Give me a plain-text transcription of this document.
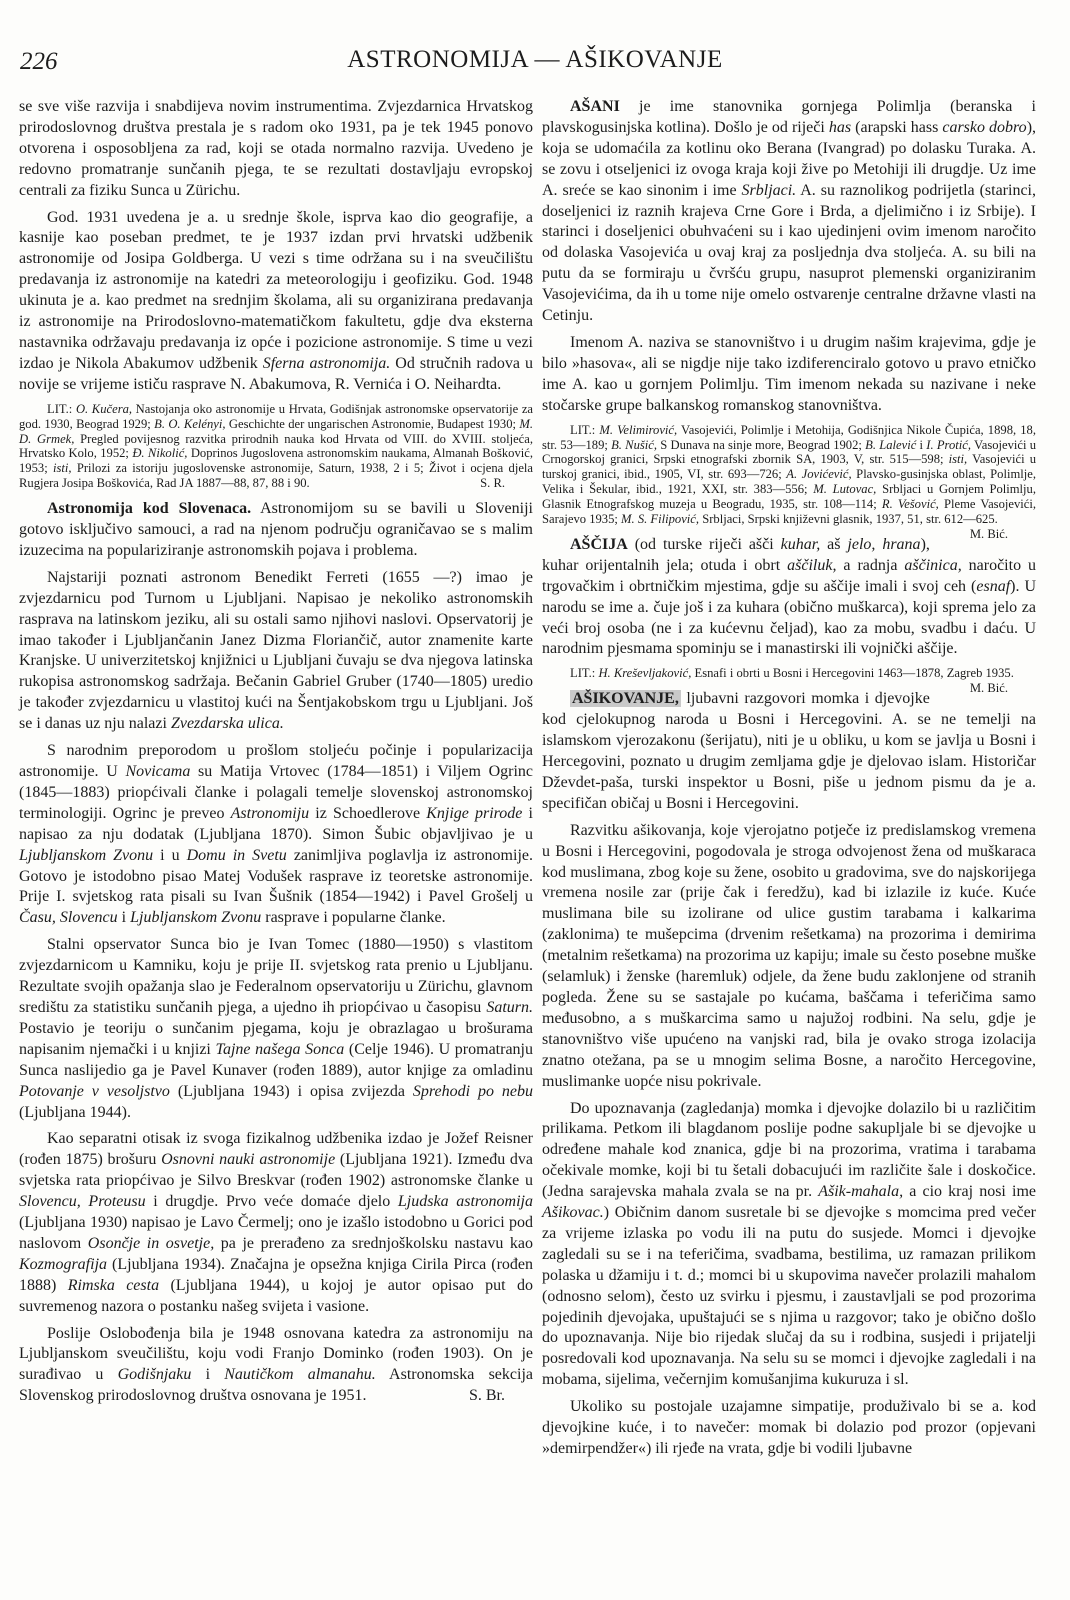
226	ASTRONOMIJA — AŠIKOVANJE

se sve više razvija i snabdijeva novim instrumentima. Zvjezdarnica Hrvatskog prirodoslovnog društva prestala je s radom oko 1931, pa je tek 1945 ponovo otvorena i osposobljena za rad, koji se otada normalno razvija. Uvedeno je redovno promatranje sunčanih pjega, te se rezultati dostavljaju evropskoj centrali za fiziku Sunca u Zürichu.

God. 1931 uvedena je a. u srednje škole, isprva kao dio geografije, a kasnije kao poseban predmet, te je 1937 izdan prvi hrvatski udžbenik astronomije od Josipa Goldberga. U vezi s time održana su i na sveučilištu predavanja iz astronomije na katedri za meteorologiju i geofiziku. God. 1948 ukinuta je a. kao predmet na srednjim školama, ali su organizirana predavanja iz astronomije na Prirodoslovno-matematičkom fakultetu, gdje dva eksterna nastavnika održavaju predavanja iz opće i pozicione astronomije. S time u vezi izdao je Nikola Abakumov udžbenik Sferna astronomija. Od stručnih radova u novije se vrijeme ističu rasprave N. Abakumova, R. Vernića i O. Neihardta.

LIT.: O. Kučera, Nastojanja oko astronomije u Hrvata, Godišnjak astronomske opservatorije za god. 1930, Beograd 1929; B. O. Kelényi, Geschichte der ungarischen Astronomie, Budapest 1930; M. D. Grmek, Pregled povijesnog razvitka prirodnih nauka kod Hrvata od VIII. do XVIII. stoljeća, Hrvatsko Kolo, 1952; Đ. Nikolić, Doprinos Jugoslovena astronomskim naukama, Almanah Bošković, 1953; isti, Prilozi za istoriju jugoslovenske astronomije, Saturn, 1938, 2 i 5; Život i ocjena djela Rugjera Josipa Boškovića, Rad JA 1887—88, 87, 88 i 90.	S. R.

Astronomija kod Slovenaca. Astronomijom su se bavili u Sloveniji gotovo isključivo samouci, a rad na njenom području ograničavao se s malim izuzecima na populariziranje astronomskih pojava i problema.

Najstariji poznati astronom Benedikt Ferreti (1655 —?) imao je zvjezdarnicu pod Turnom u Ljubljani. Napisao je nekoliko astronomskih rasprava na latinskom jeziku, ali su ostali samo njihovi naslovi. Opservatorij je imao također i Ljubljančanin Janez Dizma Floriančič, autor znamenite karte Kranjske. U univerzitetskoj knjižnici u Ljubljani čuvaju se dva njegova latinska rukopisa astronomskog sadržaja. Bečanin Gabriel Gruber (1740—1805) uredio je također zvjezdarnicu u vlastitoj kući na Šentjakobskom trgu u Ljubljani. Još se i danas uz nju nalazi Zvezdarska ulica.

S narodnim preporodom u prošlom stoljeću počinje i popularizacija astronomije. U Novicama su Matija Vrtovec (1784—1851) i Viljem Ogrinc (1845—1883) priopćivali članke i polagali temelje slovenskoj astronomskoj terminologiji. Ogrinc je preveo Astronomiju iz Schoedlerove Knjige prirode i napisao za nju dodatak (Ljubljana 1870). Simon Šubic objavljivao je u Ljubljanskom Zvonu i u Domu in Svetu zanimljiva poglavlja iz astronomije. Gotovo je istodobno pisao Matej Vodušek rasprave iz teoretske astronomije. Prije I. svjetskog rata pisali su Ivan Šušnik (1854—1942) i Pavel Grošelj u Času, Slovencu i Ljubljanskom Zvonu rasprave i popularne članke.

Stalni opservator Sunca bio je Ivan Tomec (1880—1950) s vlastitom zvjezdarnicom u Kamniku, koju je prije II. svjetskog rata prenio u Ljubljanu. Rezultate svojih opažanja slao je Federalnom opservatoriju u Zürichu, glavnom središtu za statistiku sunčanih pjega, a ujedno ih priopćivao u časopisu Saturn. Postavio je teoriju o sunčanim pjegama, koju je obrazlagao u brošurama napisanim njemački i u knjizi Tajne našega Sonca (Celje 1946). U promatranju Sunca naslijedio ga je Pavel Kunaver (rođen 1889), autor knjige za omladinu Potovanje v vesoljstvo (Ljubljana 1943) i opisa zvijezda Sprehodi po nebu (Ljubljana 1944).

Kao separatni otisak iz svoga fizikalnog udžbenika izdao je Jožef Reisner (rođen 1875) brošuru Osnovni nauki astronomije (Ljubljana 1921). Između dva svjetska rata priopćivao je Silvo Breskvar (rođen 1902) astronomske članke u Slovencu, Proteusu i drugdje. Prvo veće domaće djelo Ljudska astronomija (Ljubljana 1930) napisao je Lavo Čermelj; ono je izašlo istodobno u Gorici pod naslovom Osončje in osvetje, pa je prerađeno za srednjoškolsku nastavu kao Kozmografija (Ljubljana 1934). Značajna je opsežna knjiga Cirila Pirca (rođen 1888) Rimska cesta (Ljubljana 1944), u kojoj je autor opisao put do suvremenog nazora o postanku našeg svijeta i vasione.

Poslije Oslobođenja bila je 1948 osnovana katedra za astronomiju na Ljubljanskom sveučilištu, koju vodi Franjo Dominko (rođen 1903). On je surađivao u Godišnjaku i Nautičkom almanahu. Astronomska sekcija Slovenskog prirodoslovnog društva osnovana je 1951.	S. Br.

AŠANI je ime stanovnika gornjega Polimlja (beranska i plavskogusinjska kotlina). Došlo je od riječi has (arapski hass carsko dobro), koja se udomaćila za kotlinu oko Berana (Ivangrad) po dolasku Turaka. A. se zovu i otseljenici iz ovoga kraja koji žive po Metohiji ili drugdje. Uz ime A. sreće se kao sinonim i ime Srbljaci. A. su raznolikog podrijetla (starinci, doseljenici iz raznih krajeva Crne Gore i Brda, a djelimično i iz Srbije). I starinci i doseljenici obuhvaćeni su i kao ujedinjeni ovim imenom naročito od dolaska Vasojevića u ovaj kraj za posljednja dva stoljeća. A. su bili na putu da se formiraju u čvršću grupu, nasuprot plemenski organiziranim Vasojevićima, da ih u tome nije omelo ostvarenje centralne državne vlasti na Cetinju.

Imenom A. naziva se stanovništvo i u drugim našim krajevima, gdje je bilo »hasova«, ali se nigdje nije tako izdiferenciralo gotovo u pravo etničko ime A. kao u gornjem Polimlju. Tim imenom nekada su nazivane i neke stočarske grupe balkanskog romanskog stanovništva.

LIT.: M. Velimirović, Vasojevići, Polimlje i Metohija, Godišnjica Nikole Čupića, 1898, 18, str. 53—189; B. Nušić, S Dunava na sinje more, Beograd 1902; B. Lalević i I. Protić, Vasojevići u Crnogorskoj granici, Srpski etnografski zbornik SA, 1903, V, str. 515—598; isti, Vasojevići u turskoj granici, ibid., 1905, VI, str. 693—726; A. Jovićević, Plavsko-gusinjska oblast, Polimlje, Velika i Šekular, ibid., 1921, XXI, str. 383—556; M. Lutovac, Srbljaci u Gornjem Polimlju, Glasnik Etnografskog muzeja u Beogradu, 1935, str. 108—114; R. Vešović, Pleme Vasojevići, Sarajevo 1935; M. S. Filipović, Srbljaci, Srpski književni glasnik, 1937, 51, str. 612—625.
M. Bić.

AŠČIJA (od turske riječi ašči kuhar, aš jelo, hrana), kuhar orijentalnih jela; otuda i obrt aščiluk, a radnja aščinica, naročito u trgovačkim i obrtničkim mjestima, gdje su aščije imali i svoj ceh (esnaf). U narodu se ime a. čuje još i za kuhara (obično muškarca), koji sprema jelo za veći broj osoba (ne i za kućevnu čeljad), kao za mobu, svadbu i daću. U narodnim pjesmama spominju se i manastirski ili vojnički aščije.

LIT.: H. Kreševljaković, Esnafi i obrti u Bosni i Hercegovini 1463—1878, Zagreb 1935.
M. Bić.

AŠIKOVANJE, ljubavni razgovori momka i djevojke kod cjelokupnog naroda u Bosni i Hercegovini. A. se ne temelji na islamskom vjerozakonu (šerijatu), niti je u obliku, u kom se javlja u Bosni i Hercegovini, poznato u drugim zemljama gdje je djelovao islam. Historičar Dževdet-paša, turski inspektor u Bosni, piše u jednom pismu da je a. specifičan običaj u Bosni i Hercegovini.

Razvitku ašikovanja, koje vjerojatno potječe iz predislamskog vremena u Bosni i Hercegovini, pogodovala je stroga odvojenost žena od muškaraca kod muslimana, zbog koje su žene, osobito u gradovima, sve do najskorijega vremena nosile zar (prije čak i feredžu), kad bi izlazile iz kuće. Kuće muslimana bile su izolirane od ulice gustim tarabama i kalkarima (zaklonima) te mušepcima (drvenim rešetkama) na prozorima i demirima (metalnim rešetkama) na prozorima uz kapiju; imale su često posebne muške (selamluk) i ženske (haremluk) odjele, da žene budu zaklonjene od stranih pogleda. Žene su se sastajale po kućama, baščama i teferičima samo međusobno, a s muškarcima samo u najužoj rodbini. Na selu, gdje je stanovništvo više upućeno na vanjski rad, bila je ovako stroga izolacija znatno otežana, pa se u mnogim selima Bosne, a naročito Hercegovine, muslimanke uopće nisu pokrivale.

Do upoznavanja (zagledanja) momka i djevojke dolazilo bi u različitim prilikama. Petkom ili blagdanom poslije podne sakupljale bi se djevojke u određene mahale kod znanica, gdje bi na prozorima, vratima i tarabama očekivale momke, koji bi tu šetali dobacujući im različite šale i doskočice. (Jedna sarajevska mahala zvala se na pr. Ašik-mahala, a cio kraj nosi ime Ašikovac.) Običnim danom susretale bi se djevojke s momcima pred večer za vrijeme izlaska po vodu ili na putu do susjede. Momci i djevojke zagledali su se i na teferičima, svadbama, bestilima, uz ramazan prilikom polaska u džamiju i t. d.; momci bi u skupovima navečer prolazili mahalom (odnosno selom), često uz svirku i pjesmu, i zaustavljali se pod prozorima pojedinih djevojaka, upuštajući se s njima u razgovor; tako je obično došlo do upoznavanja. Nije bio rijedak slučaj da su i rodbina, susjedi i prijatelji posredovali kod upoznavanja. Na selu su se momci i djevojke zagledali i na mobama, sijelima, večernjim komušanjima kukuruza i sl.

Ukoliko su postojale uzajamne simpatije, produživalo bi se a. kod djevojkine kuće, i to navečer: momak bi dolazio pod prozor (opjevani »demirpendžer«) ili rjeđe na vrata, gdje bi vodili ljubavne
